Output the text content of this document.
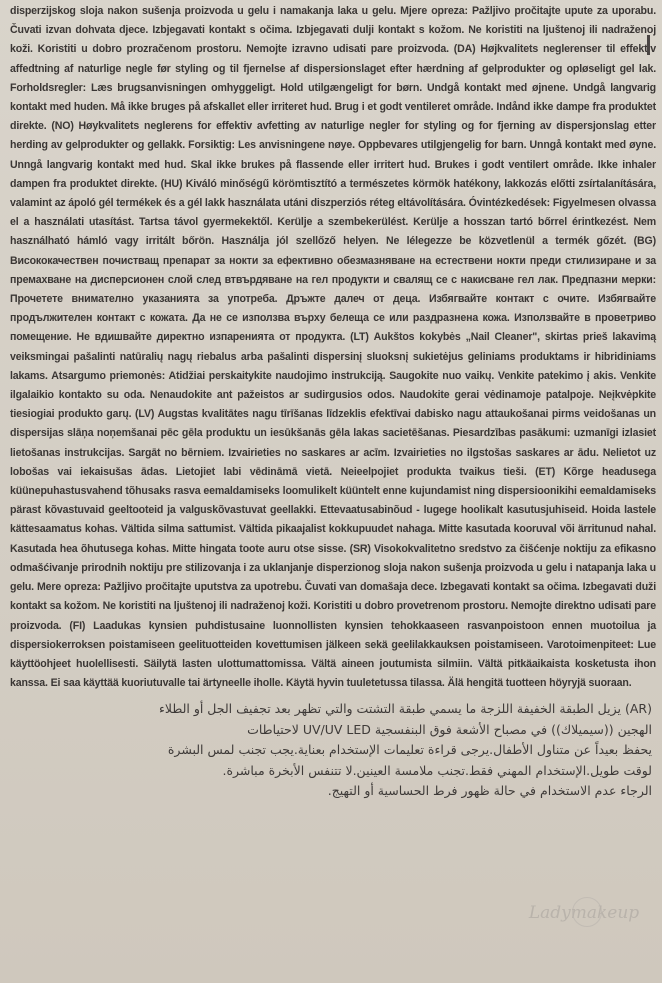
disperzijskog sloja nakon sušenja proizvoda u gelu i namakanja laka u gelu. Mjere opreza: Pažljivo pročitajte upute za uporabu. Čuvati izvan dohvata djece. Izbjegavati kontakt s očima. Izbjegavati dulji kontakt s kožom. Ne koristiti na ljuštenoj ili nadraženoj koži. Koristiti u dobro prozračenom prostoru. Nemojte izravno udisati pare proizvoda. (DA) Højkvalitets neglerenser til effektiv affedtning af naturlige negle før styling og til fjernelse af dispersionslaget efter hærdning af gelprodukter og opløseligt gel lak. Forholdsregler: Læs brugsanvisningen omhyggeligt. Hold utilgængeligt for børn. Undgå kontakt med øjnene. Undgå langvarig kontakt med huden. Må ikke bruges på afskallet eller irriteret hud. Brug i et godt ventileret område. Indånd ikke dampe fra produktet direkte. (NO) Høykvalitets neglerens for effektiv avfetting av naturlige negler for styling og for fjerning av dispersjonslag etter herding av gelprodukter og gellakk. Forsiktig: Les anvisningene nøye. Oppbevares utilgjengelig for barn. Unngå kontakt med øyne. Unngå langvarig kontakt med hud. Skal ikke brukes på flassende eller irritert hud. Brukes i godt ventilert område. Ikke inhaler dampen fra produktet direkte. (HU) Kiváló minőségű körömtisztító a természetes körmök hatékony, lakkozás előtti zsírtalanítására, valamint az ápoló gél termékek és a gél lakk használata utáni diszperziós réteg eltávolítására. Óvintézkedések: Figyelmesen olvassa el a használati utasítást. Tartsa távol gyermekektől. Kerülje a szembekerülést. Kerülje a hosszan tartó bőrrel érintkezést. Nem használható hámló vagy irritált bőrön. Használja jól szellőző helyen. Ne lélegezze be közvetlenül a termék gőzét. (BG) Висококачествен почистващ препарат за нокти за ефективно обезмазняване на естествени нокти преди стилизиране и за премахване на дисперсионен слой след втвърдяване на гел продукти и свалящ се с накисване гел лак. Предпазни мерки: Прочетете внимателно указанията за употреба. Дръжте далеч от деца. Избягвайте контакт с очите. Избягвайте продължителен контакт с кожата. Да не се използва върху белеща се или раздразнена кожа. Използвайте в проветриво помещение. Не вдишвайте директно изпаренията от продукта. (LT) Aukštos kokybės „Nail Cleaner", skirtas prieš lakavimą veiksmingai pašalinti natūralių nagų riebalus arba pašalinti dispersinį sluoksnį sukietėjus geliniams produktams ir hibridiniams lakams. Atsargumo priemonės: Atidžiai perskaitykite naudojimo instrukciją. Saugokite nuo vaikų. Venkite patekimo į akis. Venkite ilgalaikio kontakto su oda. Nenaudokite ant pažeistos ar sudirgusios odos. Naudokite gerai vėdinamoje patalpoje. Neįkvėpkite tiesiogiai produkto garų. (LV) Augstas kvalitātes nagu tīrīšanas līdzeklis efektīvai dabisko nagu attaukošanai pirms veidošanas un dispersijas slāņa noņemšanai pēc gēla produktu un iesūkšanās gēla lakas sacietēšanas. Piesardzības pasākumi: uzmanīgi izlasiet lietošanas instrukcijas. Sargāt no bērniem. Izvairieties no saskares ar acīm. Izvairieties no ilgstošas saskares ar ādu. Nelietot uz lobošas vai iekaisušas ādas. Lietojiet labi vēdināmā vietā. Neieelpojiet produkta tvaikus tieši. (ET) Kõrge headusega küünepuhastusvahend tõhusaks rasva eemaldamiseks loomulikelt küüntelt enne kujundamist ning dispersioonikihi eemaldamiseks pärast kõvastuvaid geeltooteid ja valguskõvastuvat geellakki. Ettevaatusabinõud - lugege hoolikalt kasutusjuhiseid. Hoida lastele kättesaamatus kohas. Vältida silma sattumist. Vältida pikaajalist kokkupuudet nahaga. Mitte kasutada kooruval või ärritunud nahal. Kasutada hea õhutusega kohas. Mitte hingata toote auru otse sisse. (SR) Visokokvalitetno sredstvo za čišćenje noktiju za efikasno odmašćivanje prirodnih noktiju pre stilizovanja i za uklanjanje disperzionog sloja nakon sušenja proizvoda u gelu i natapanja laka u gelu. Mere opreza: Pažljivo pročitajte uputstva za upotrebu. Čuvati van domašaja dece. Izbegavati kontakt sa očima. Izbegavati duži kontakt sa kožom. Ne koristiti na ljuštenoj ili nadraženoj koži. Koristiti u dobro provetrenom prostoru. Nemojte direktno udisati pare proizvoda. (FI) Laadukas kynsien puhdistusaine luonnollisten kynsien tehokkaaseen rasvanpoistoon ennen muotoilua ja dispersiokerroksen poistamiseen geelituotteiden kovettumisen jälkeen sekä geelilakkauksen poistamiseen. Varotoimenpiteet: Lue käyttöohjeet huolellisesti. Säilytä lasten ulottumattomissa. Vältä aineen joutumista silmiin. Vältä pitkäaikaista kosketusta ihon kanssa. Ei saa käyttää kuoriutuvalle tai ärtyneelle iholle. Käytä hyvin tuuletetussa tilassa. Älä hengitä tuotteen höyryjä suoraan.

(AR) يزيل الطبقة الخفيفة اللزجة ما يسمي طبقة التشتت والتي تظهر بعد تجفيف الجل أو الطلاء

الهجين ((سيميلاك)) في مصباح الأشعة فوق البنفسجية UV/UV LED لاحتياطات

يحفظ بعيداً عن متناول الأطفال.يرجى قراءة تعليمات الإستخدام بعناية.يجب تجنب لمس البشرة

لوقت طويل.الإستخدام المهني فقط.تجنب ملامسة العينين.لا تتنفس الأبخرة مباشرة.

الرجاء عدم الاستخدام في حالة ظهور فرط الحساسية أو التهيج.

Ladymakeup
